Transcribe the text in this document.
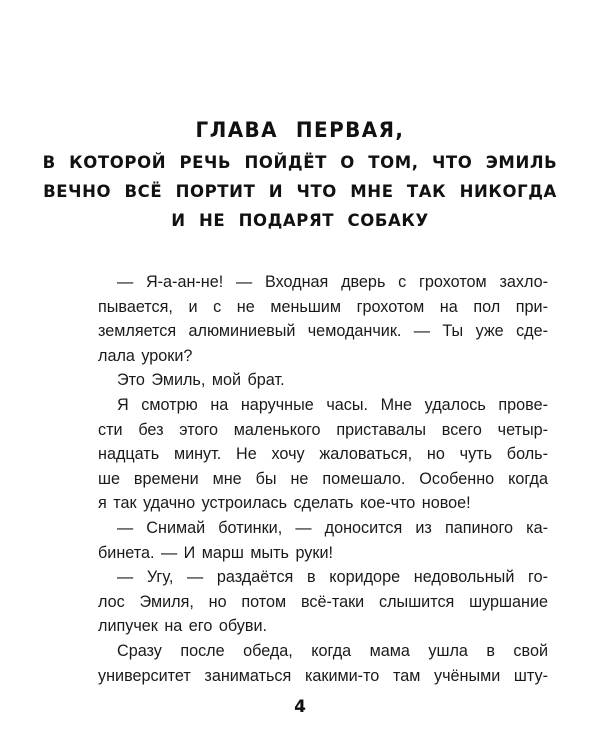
ГЛАВА ПЕРВАЯ,
В КОТОРОЙ РЕЧЬ ПОЙДЁТ О ТОМ, ЧТО ЭМИЛЬ
ВЕЧНО ВСЁ ПОРТИТ И ЧТО МНЕ ТАК НИКОГДА
И НЕ ПОДАРЯТ СОБАКУ
— Я-а-ан-не! — Входная дверь с грохотом захло-
пывается, и с не меньшим грохотом на пол при-
земляется алюминиевый чемоданчик. — Ты уже сде-
лала уроки?
Это Эмиль, мой брат.
Я смотрю на наручные часы. Мне удалось прове-
сти без этого маленького приставалы всего четыр-
надцать минут. Не хочу жаловаться, но чуть боль-
ше времени мне бы не помешало. Особенно когда
я так удачно устроилась сделать кое-что новое!
— Снимай ботинки, — доносится из папиного ка-
бинета. — И марш мыть руки!
— Угу, — раздаётся в коридоре недовольный го-
лос Эмиля, но потом всё-таки слышится шуршание
липучек на его обуви.
Сразу после обеда, когда мама ушла в свой
университет заниматься какими-то там учёными шту-
4
